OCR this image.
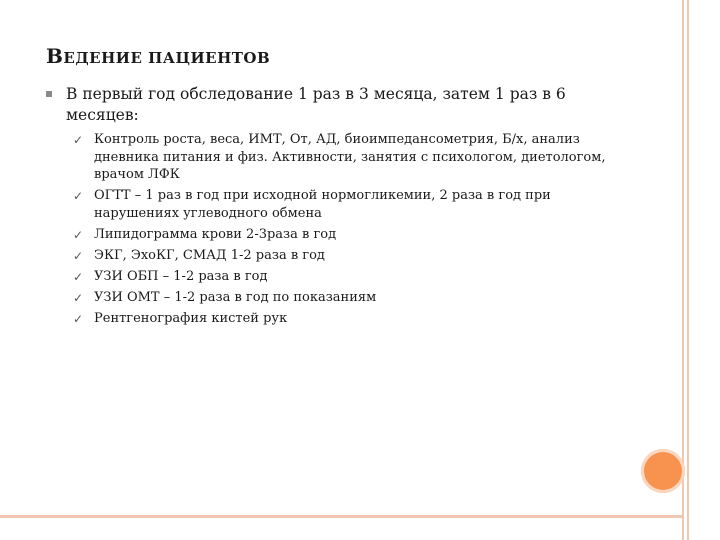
ВЕДЕНИЕ ПАЦИЕНТОВ
В первый год обследование 1 раз в 3 месяца, затем 1 раз в 6 месяцев:
✓ Контроль роста, веса, ИМТ, От, АД, биоимпедансометрия, Б/х, анализ дневника питания и физ. Активности, занятия с психологом, диетологом, врачом ЛФК
✓ ОГТТ – 1 раз в год при исходной нормогликемии, 2 раза в год при нарушениях углеводного обмена
✓ Липидограмма крови 2-3раза в год
✓ ЭКГ, ЭхоКГ, СМАД 1-2 раза в год
✓ УЗИ ОБП – 1-2 раза в год
✓ УЗИ ОМТ – 1-2 раза в год по показаниям
✓ Рентгенография кистей рук
